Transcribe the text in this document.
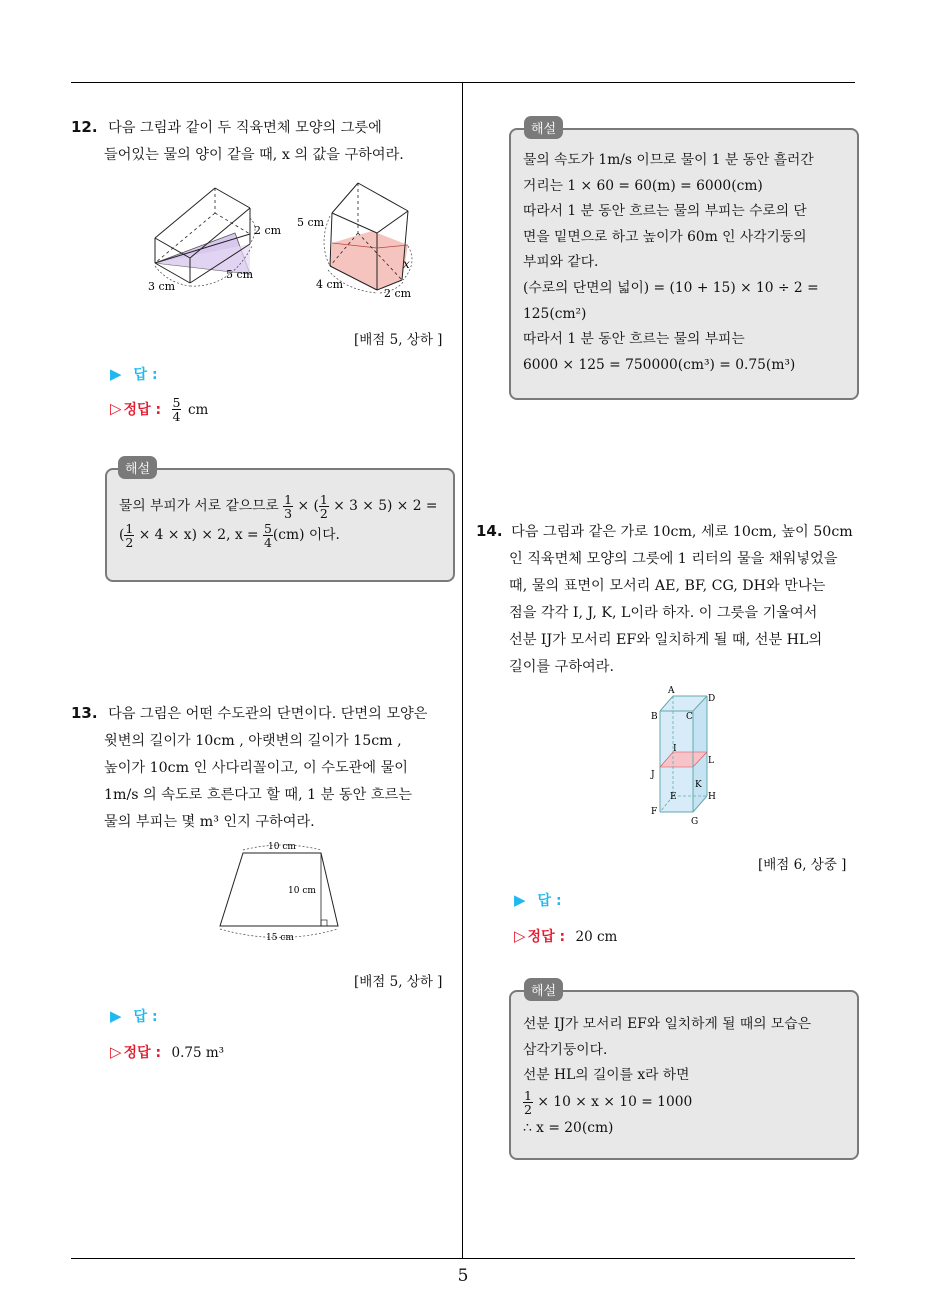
5
12. 다음 그림과 같이 두 직육면체 모양의 그릇에
들어있는 물의 양이 같을 때, x 의 값을 구하여라.
2 cm
3 cm
5 cm
5 cm
4 cm
2 cm
x
[배점 5, 상하 ]
▶ 답 :
▷ 정답 : $\frac{5}{4}$ cm
물의 부피가 서로 같으므로 $\frac{1}{3}$ × ( $\frac{1}{2} \times 3 \times 5) \times 2$ =
( $\frac{1}{2} \times 4 \times x) \times 2$, $x = \frac{5}{4} (cm)$ 이다.
해설
13. 다음 그림은 어떤 수도관의 단면이다. 단면의 모양은
윗변의 길이가 10cm , 아랫변의 길이가 15cm ,
높이가 10cm 인 사다리꼴이고, 이 수도관에 물이
1m/s 의 속도로 흐른다고 할 때, 1 분 동안 흐르는
물의 부피는 몇 m³ 인지 구하여라.
10 cm
10 cm
15 cm
[배점 5, 상하 ]
▶ 답 :
▷ 정답 : 0.75 m³
물의 속도가 1m/s 이므로 물이 1 분 동안 흘러간
거리는 1 × 60 = 60(m) = 6000(cm)
따라서 1 분 동안 흐르는 물의 부피는 수로의 단
면을 밑면으로 하고 높이가 60m 인 사각기둥의
부피와 같다.
(수로의 단면의 넓이) = (10 + 15) × 10 ÷ 2 =
125(cm²)
따라서 1 분 동안 흐르는 물의 부피는
6000 × 125 = 750000(cm³) = 0.75(m³)
해설
14. 다음 그림과 같은 가로 10cm, 세로 10cm, 높이 50cm
인 직육면체 모양의 그릇에 1 리터의 물을 채워넣었을
때, 물의 표면이 모서리 AE, BF, CG, DH와 만나는
점을 각각 I, J, K, L이라 하자. 이 그릇을 기울여서
선분 IJ가 모서리 EF와 일치하게 될 때, 선분 HL의
길이를 구하여라.
A
D
B	C
I
L
J
K
E	H
F
G
[배점 6, 상중 ]
▶ 답 :
▷ 정답 : 20 cm
선분 IJ가 모서리 EF와 일치하게 될 때의 모습은
삼각기둥이다.
선분 HL의 길이를 x라 하면
$\frac{1}{2} \times 10 \times x \times 10 = 1000$
∴ x = 20(cm)
해설
